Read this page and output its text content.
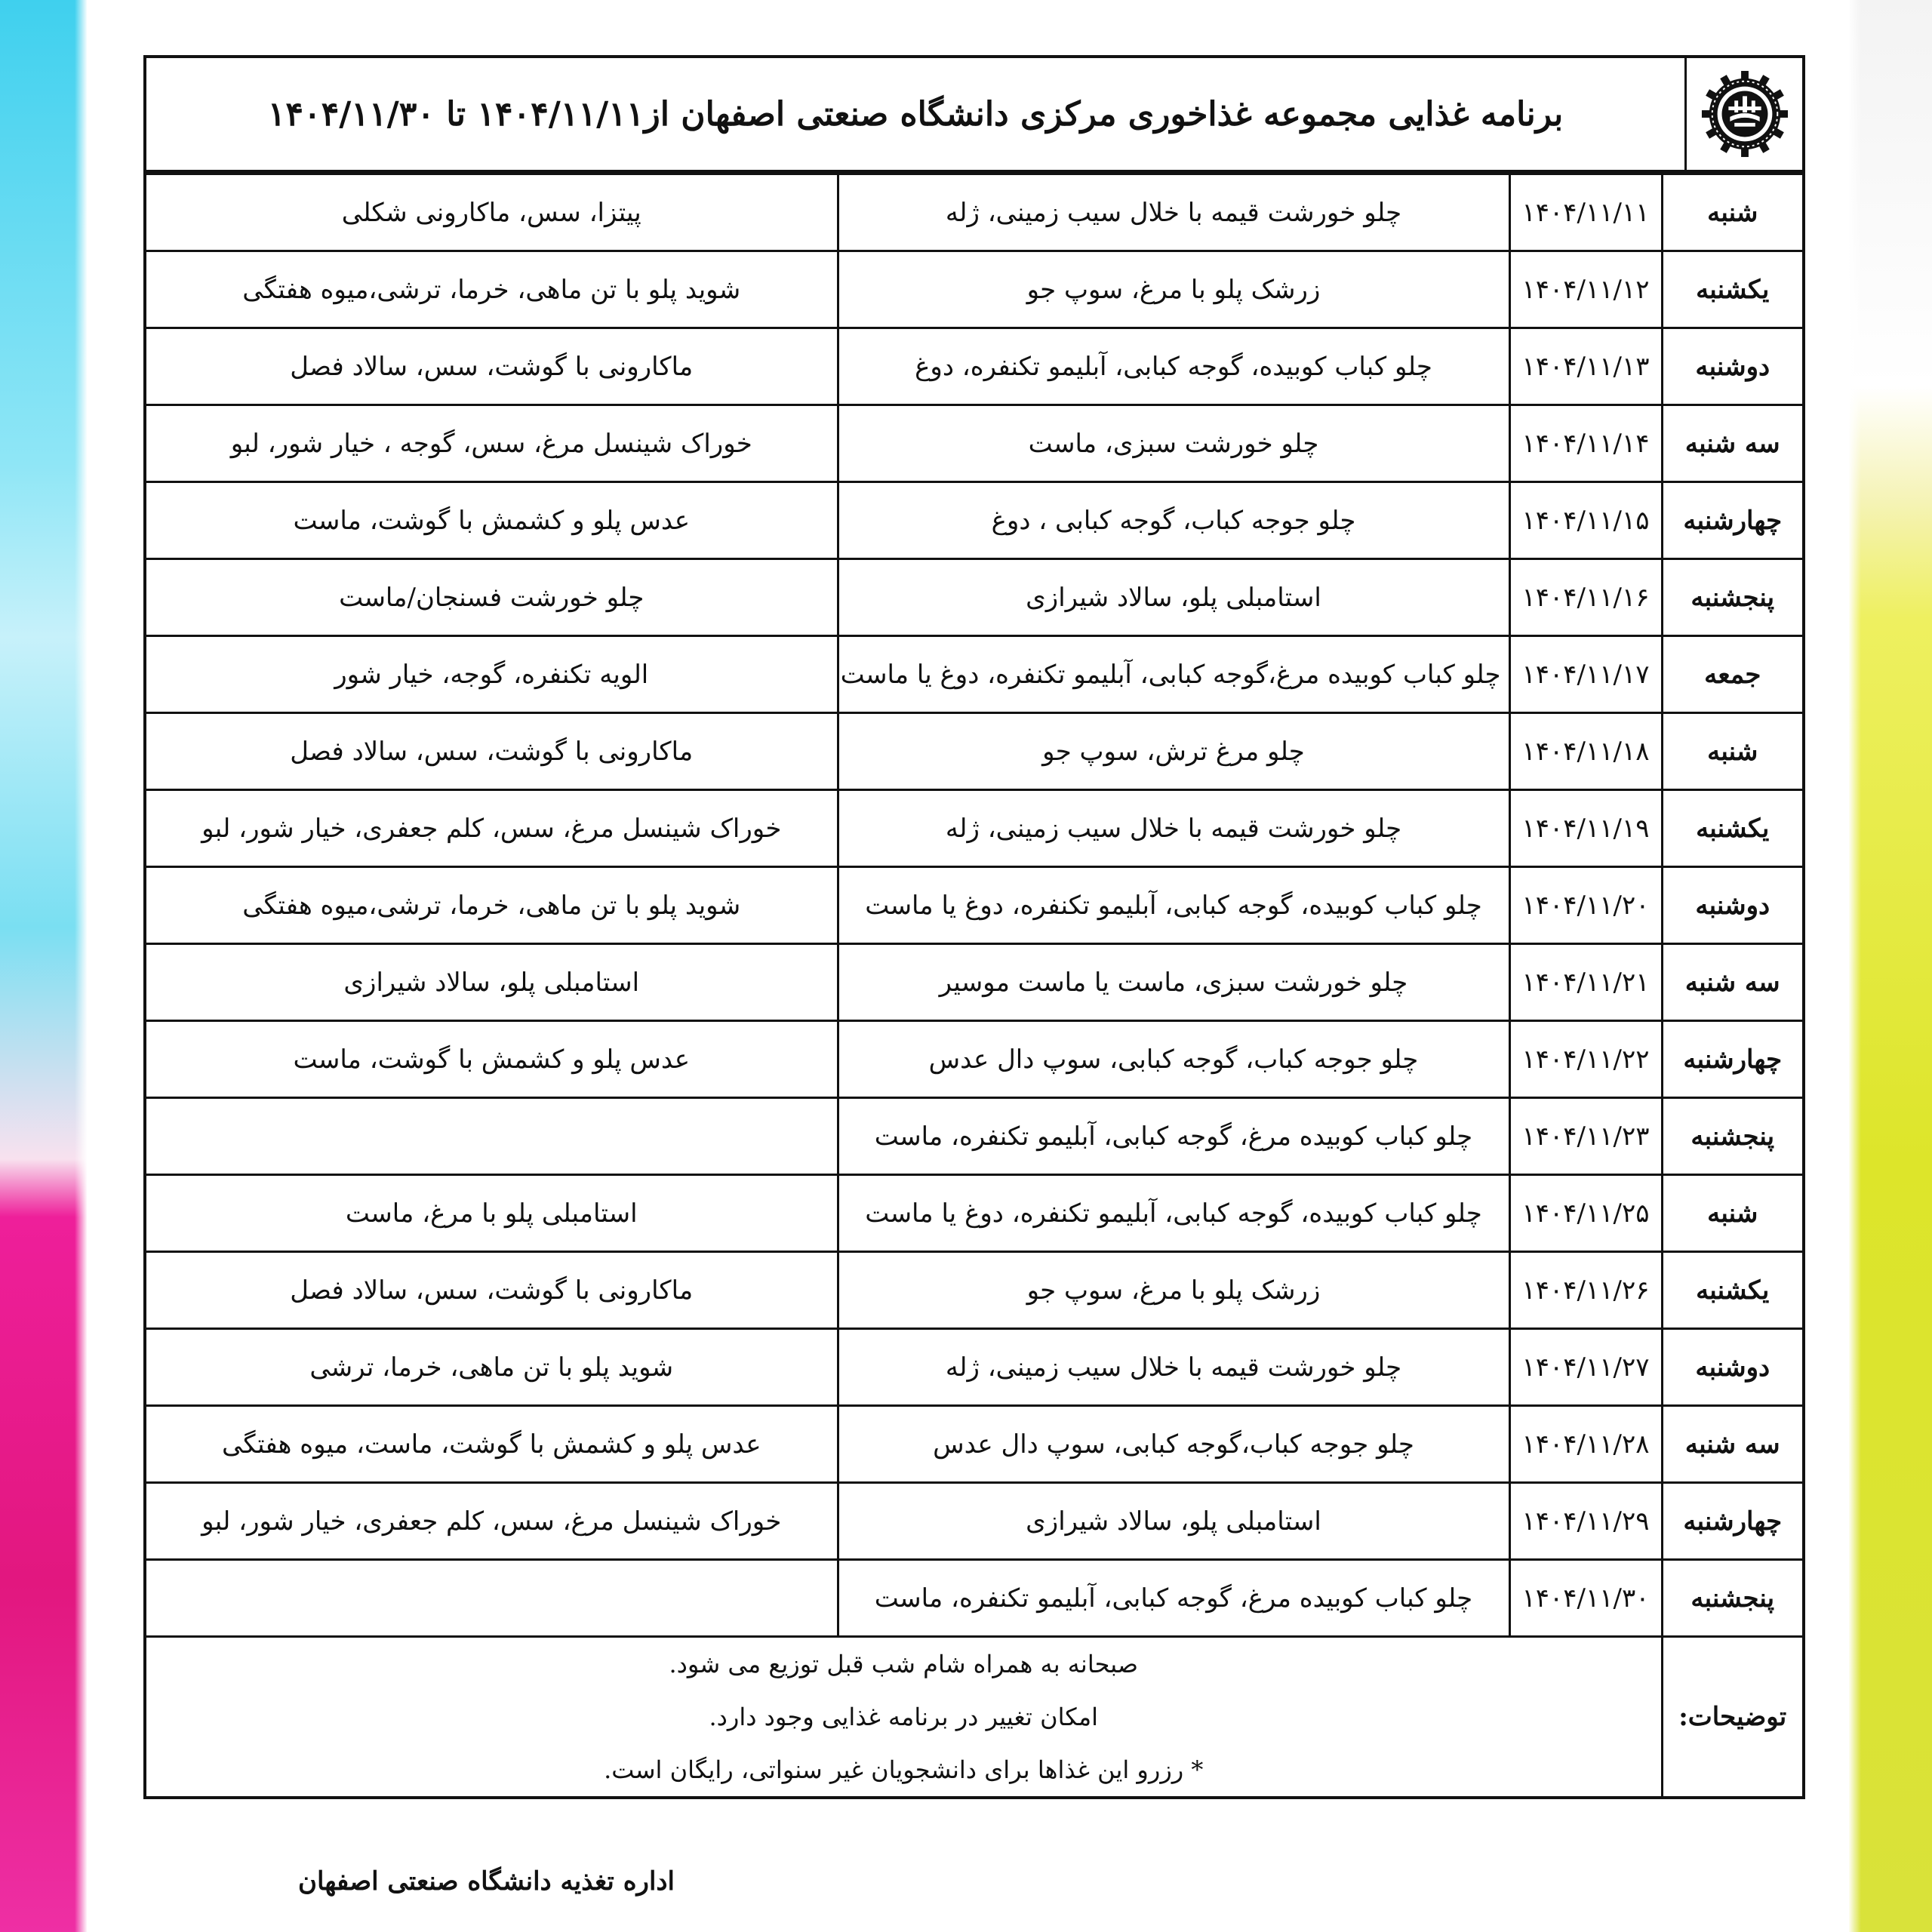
برنامه غذایی مجموعه غذاخوری مرکزی دانشگاه صنعتی اصفهان از۱۴۰۴/۱۱/۱۱ تا ۱۴۰۴/۱۱/۳۰
شنبه	۱۴۰۴/۱۱/۱۱	چلو خورشت قیمه با خلال سیب زمینی، ژله	پیتزا، سس، ماکارونی شکلی
یکشنبه	۱۴۰۴/۱۱/۱۲	زرشک پلو با مرغ، سوپ جو	شوید پلو با تن ماهی، خرما، ترشی،میوه هفتگی
دوشنبه	۱۴۰۴/۱۱/۱۳	چلو کباب کوبیده، گوجه کبابی، آبلیمو تکنفره، دوغ	ماکارونی با گوشت، سس، سالاد فصل
سه شنبه	۱۴۰۴/۱۱/۱۴	چلو خورشت سبزی، ماست	خوراک شینسل مرغ، سس، گوجه ، خیار شور، لبو
چهارشنبه	۱۴۰۴/۱۱/۱۵	چلو جوجه کباب، گوجه کبابی ، دوغ	عدس پلو و کشمش با گوشت، ماست
پنجشنبه	۱۴۰۴/۱۱/۱۶	استامبلی پلو، سالاد شیرازی	چلو خورشت فسنجان/ماست
جمعه	۱۴۰۴/۱۱/۱۷	چلو کباب کوبیده مرغ،گوجه کبابی، آبلیمو تکنفره، دوغ یا ماست	الویه تکنفره، گوجه، خیار شور
شنبه	۱۴۰۴/۱۱/۱۸	چلو مرغ ترش، سوپ جو	ماکارونی با گوشت، سس، سالاد فصل
یکشنبه	۱۴۰۴/۱۱/۱۹	چلو خورشت قیمه با خلال سیب زمینی، ژله	خوراک شینسل مرغ، سس، کلم جعفری، خیار شور، لبو
دوشنبه	۱۴۰۴/۱۱/۲۰	چلو کباب کوبیده، گوجه کبابی، آبلیمو تکنفره، دوغ یا ماست	شوید پلو با تن ماهی، خرما، ترشی،میوه هفتگی
سه شنبه	۱۴۰۴/۱۱/۲۱	چلو خورشت سبزی، ماست یا ماست موسیر	استامبلی پلو، سالاد شیرازی
چهارشنبه	۱۴۰۴/۱۱/۲۲	چلو جوجه کباب، گوجه کبابی، سوپ دال عدس	عدس پلو و کشمش با گوشت، ماست
پنجشنبه	۱۴۰۴/۱۱/۲۳	چلو کباب کوبیده مرغ، گوجه کبابی، آبلیمو تکنفره، ماست	
شنبه	۱۴۰۴/۱۱/۲۵	چلو کباب کوبیده، گوجه کبابی، آبلیمو تکنفره، دوغ یا ماست	استامبلی پلو با مرغ، ماست
یکشنبه	۱۴۰۴/۱۱/۲۶	زرشک پلو با مرغ، سوپ جو	ماکارونی با گوشت، سس، سالاد فصل
دوشنبه	۱۴۰۴/۱۱/۲۷	چلو خورشت قیمه با خلال سیب زمینی، ژله	شوید پلو با تن ماهی، خرما، ترشی
سه شنبه	۱۴۰۴/۱۱/۲۸	چلو جوجه کباب،گوجه کبابی، سوپ دال عدس	عدس پلو و کشمش با گوشت، ماست، میوه هفتگی
چهارشنبه	۱۴۰۴/۱۱/۲۹	استامبلی پلو، سالاد شیرازی	خوراک شینسل مرغ، سس، کلم جعفری، خیار شور، لبو
پنجشنبه	۱۴۰۴/۱۱/۳۰	چلو کباب کوبیده مرغ، گوجه کبابی، آبلیمو تکنفره، ماست	
توضیحات:	صبحانه به همراه شام شب قبل توزیع می شود.
امکان تغییر در برنامه غذایی وجود دارد.
* رزرو این غذاها برای دانشجویان غیر سنواتی، رایگان است.		
اداره تغذیه دانشگاه صنعتی اصفهان
